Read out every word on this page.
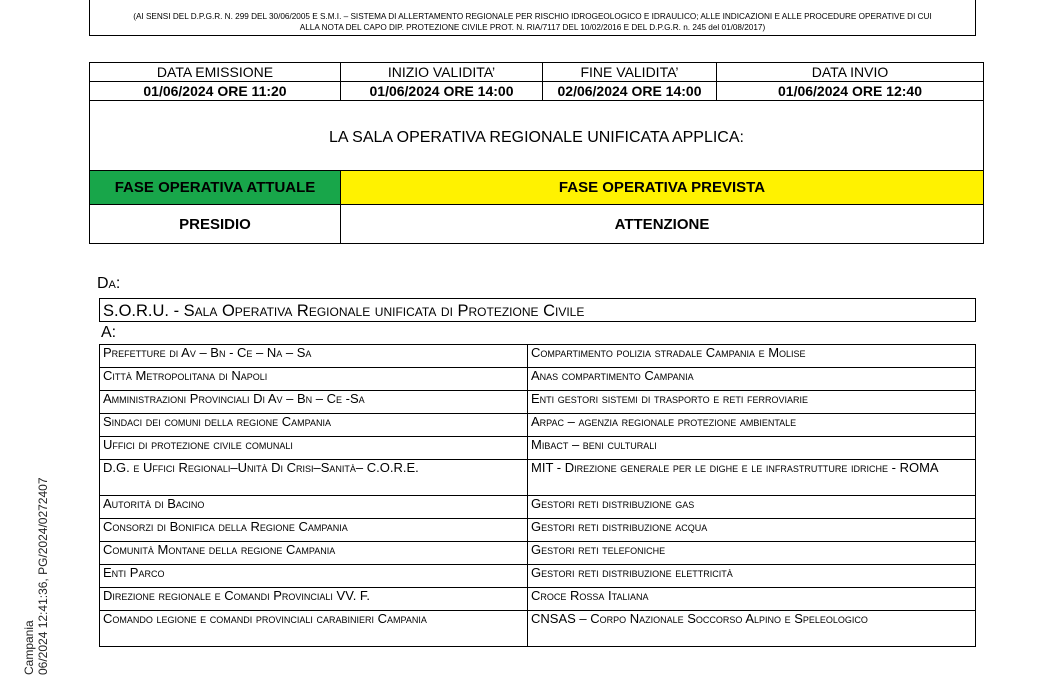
(AI SENSI DEL D.P.G.R. N. 299 DEL 30/06/2005 E S.M.I. – SISTEMA DI ALLERTAMENTO REGIONALE PER RISCHIO IDROGEOLOGICO E IDRAULICO; ALLE INDICAZIONI E ALLE PROCEDURE OPERATIVE DI CUI
ALLA NOTA DEL CAPO DIP. PROTEZIONE CIVILE PROT. N. RIA/7117 DEL 10/02/2016 E DEL D.P.G.R. n. 245 del 01/08/2017)
DATA EMISSIONE	INIZIO VALIDITA’	FINE VALIDITA’	DATA INVIO
01/06/2024 ORE 11:20	01/06/2024 ORE 14:00	02/06/2024 ORE 14:00	01/06/2024 ORE 12:40
LA SALA OPERATIVA REGIONALE UNIFICATA APPLICA:			
FASE OPERATIVA ATTUALE	FASE OPERATIVA PREVISTA		
PRESIDIO	ATTENZIONE		
Da:
S.O.R.U. - Sala Operativa Regionale unificata di Protezione Civile
A:
Prefetture di Av – Bn - Ce – Na – Sa	Compartimento polizia stradale Campania e Molise
Città Metropolitana di Napoli	Anas compartimento Campania
Amministrazioni Provinciali Di Av – Bn – Ce -Sa	Enti gestori sistemi di trasporto e reti ferroviarie
Sindaci dei comuni della regione Campania	Arpac – agenzia regionale protezione ambientale
Uffici di protezione civile comunali	Mibact – beni culturali
D.G. e Uffici Regionali–Unità Di Crisi–Sanità– C.O.R.E.	MIT - Direzione generale per le dighe e le infrastrutture idriche - ROMA
Autorità di Bacino	Gestori reti distribuzione gas
Consorzi di Bonifica della Regione Campania	Gestori reti distribuzione acqua
Comunità Montane della regione Campania	Gestori reti telefoniche
Enti Parco	Gestori reti distribuzione elettricità
Direzione regionale e Comandi Provinciali VV. F.	Croce Rossa Italiana
Comando legione e comandi provinciali carabinieri Campania	CNSAS – Corpo Nazionale Soccorso Alpino e Speleologico
Campania 06/2024 12:41:36, PG/2024/0272407
